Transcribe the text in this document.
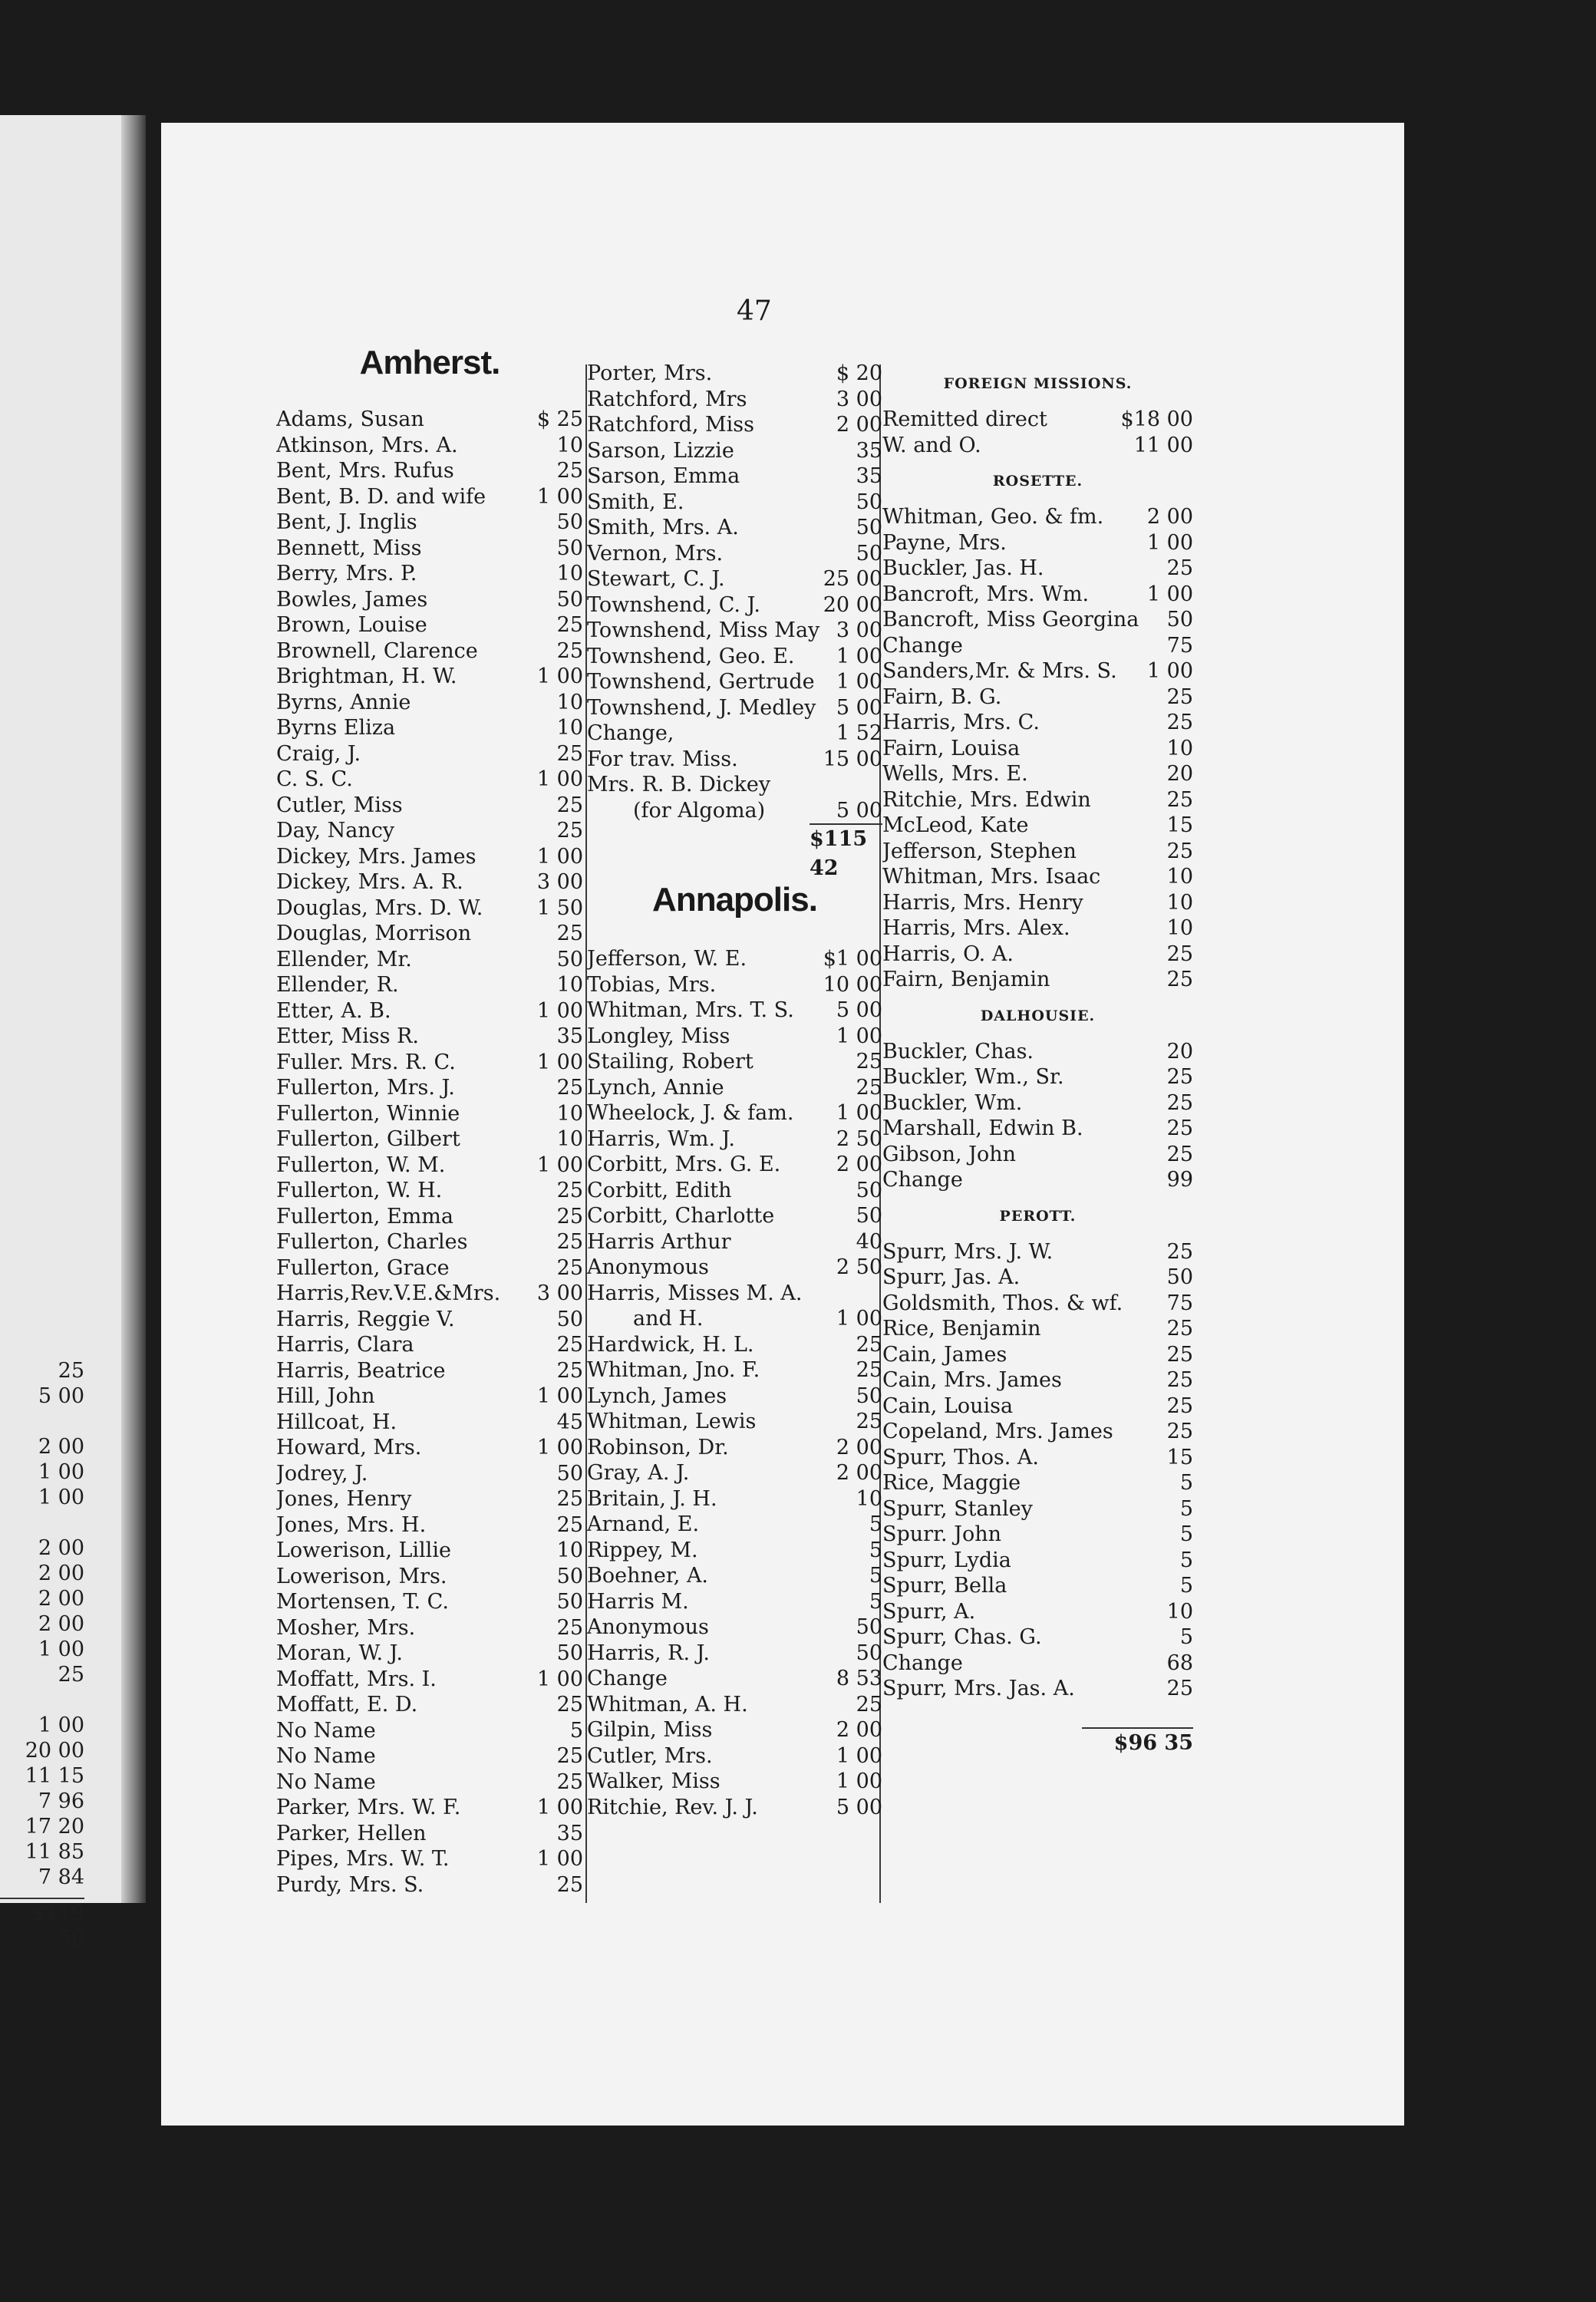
25
5 00
2 00
1 00
1 00
2 00
2 00
2 00
2 00
1 00
25
1 00
20 00
11 15
7 96
17 20
11 85
7 84
$119 50
47
Amherst.
Adams, Susan	$ 25
Atkinson, Mrs. A.	10
Bent, Mrs. Rufus	25
Bent, B. D. and wife	1 00
Bent, J. Inglis	50
Bennett, Miss	50
Berry, Mrs. P.	10
Bowles, James	50
Brown, Louise	25
Brownell, Clarence	25
Brightman, H. W.	1 00
Byrns, Annie	10
Byrns Eliza	10
Craig, J.	25
C. S. C.	1 00
Cutler, Miss	25
Day, Nancy	25
Dickey, Mrs. James	1 00
Dickey, Mrs. A. R.	3 00
Douglas, Mrs. D. W.	1 50
Douglas, Morrison	25
Ellender, Mr.	50
Ellender, R.	10
Etter, A. B.	1 00
Etter, Miss R.	35
Fuller. Mrs. R. C.	1 00
Fullerton, Mrs. J.	25
Fullerton, Winnie	10
Fullerton, Gilbert	10
Fullerton, W. M.	1 00
Fullerton, W. H.	25
Fullerton, Emma	25
Fullerton, Charles	25
Fullerton, Grace	25
Harris,Rev.V.E.&Mrs.	3 00
Harris, Reggie V.	50
Harris, Clara	25
Harris, Beatrice	25
Hill, John	1 00
Hillcoat, H.	45
Howard, Mrs.	1 00
Jodrey, J.	50
Jones, Henry	25
Jones, Mrs. H.	25
Lowerison, Lillie	10
Lowerison, Mrs.	50
Mortensen, T. C.	50
Mosher, Mrs.	25
Moran, W. J.	50
Moffatt, Mrs. I.	1 00
Moffatt, E. D.	25
No Name	5
No Name	25
No Name	25
Parker, Mrs. W. F.	1 00
Parker, Hellen	35
Pipes, Mrs. W. T.	1 00
Purdy, Mrs. S.	25
Porter, Mrs.	$ 20
Ratchford, Mrs	3 00
Ratchford, Miss	2 00
Sarson, Lizzie	35
Sarson, Emma	35
Smith, E.	50
Smith, Mrs. A.	50
Vernon, Mrs.	50
Stewart, C. J.	25 00
Townshend, C. J.	20 00
Townshend, Miss May 3 00
Townshend, Geo. E.	1 00
Townshend, Gertrude	1 00
Townshend, J. Medley 5 00
Change,	1 52
For trav. Miss.	15 00
Mrs. R. B. Dickey
(for Algoma)	5 00
$115 42
Annapolis.
Jefferson, W. E.	$1 00
Tobias, Mrs.	10 00
Whitman, Mrs. T. S.	5 00
Longley, Miss	1 00
Stailing, Robert	25
Lynch, Annie	25
Wheelock, J. & fam.	1 00
Harris, Wm. J.	2 50
Corbitt, Mrs. G. E.	2 00
Corbitt, Edith	50
Corbitt, Charlotte	50
Harris Arthur	40
Anonymous	2 50
Harris, Misses M. A.
and H.	1 00
Hardwick, H. L.	25
Whitman, Jno. F.	25
Lynch, James	50
Whitman, Lewis	25
Robinson, Dr.	2 00
Gray, A. J.	2 00
Britain, J. H.	10
Arnand, E.	5
Rippey, M.	5
Boehner, A.	5
Harris M.	5
Anonymous	50
Harris, R. J.	50
Change	8 53
Whitman, A. H.	25
Gilpin, Miss	2 00
Cutler, Mrs.	1 00
Walker, Miss	1 00
Ritchie, Rev. J. J.	5 00
FOREIGN MISSIONS.
Remitted direct	$18 00
W. and O.	11 00
ROSETTE.
Whitman, Geo. & fm.	2 00
Payne, Mrs.	1 00
Buckler, Jas. H.	25
Bancroft, Mrs. Wm.	1 00
Bancroft, Miss Georgina	50
Change	75
Sanders,Mr. & Mrs. S.	1 00
Fairn, B. G.	25
Harris, Mrs. C.	25
Fairn, Louisa	10
Wells, Mrs. E.	20
Ritchie, Mrs. Edwin	25
McLeod, Kate	15
Jefferson, Stephen	25
Whitman, Mrs. Isaac	10
Harris, Mrs. Henry	10
Harris, Mrs. Alex.	10
Harris, O. A.	25
Fairn, Benjamin	25
DALHOUSIE.
Buckler, Chas.	20
Buckler, Wm., Sr.	25
Buckler, Wm.	25
Marshall, Edwin B.	25
Gibson, John	25
Change	99
PEROTT.
Spurr, Mrs. J. W.	25
Spurr, Jas. A.	50
Goldsmith, Thos. & wf.	75
Rice, Benjamin	25
Cain, James	25
Cain, Mrs. James	25
Cain, Louisa	25
Copeland, Mrs. James	25
Spurr, Thos. A.	15
Rice, Maggie	5
Spurr, Stanley	5
Spurr. John	5
Spurr, Lydia	5
Spurr, Bella	5
Spurr, A.	10
Spurr, Chas. G.	5
Change	68
Spurr, Mrs. Jas. A.	25
$96 35
